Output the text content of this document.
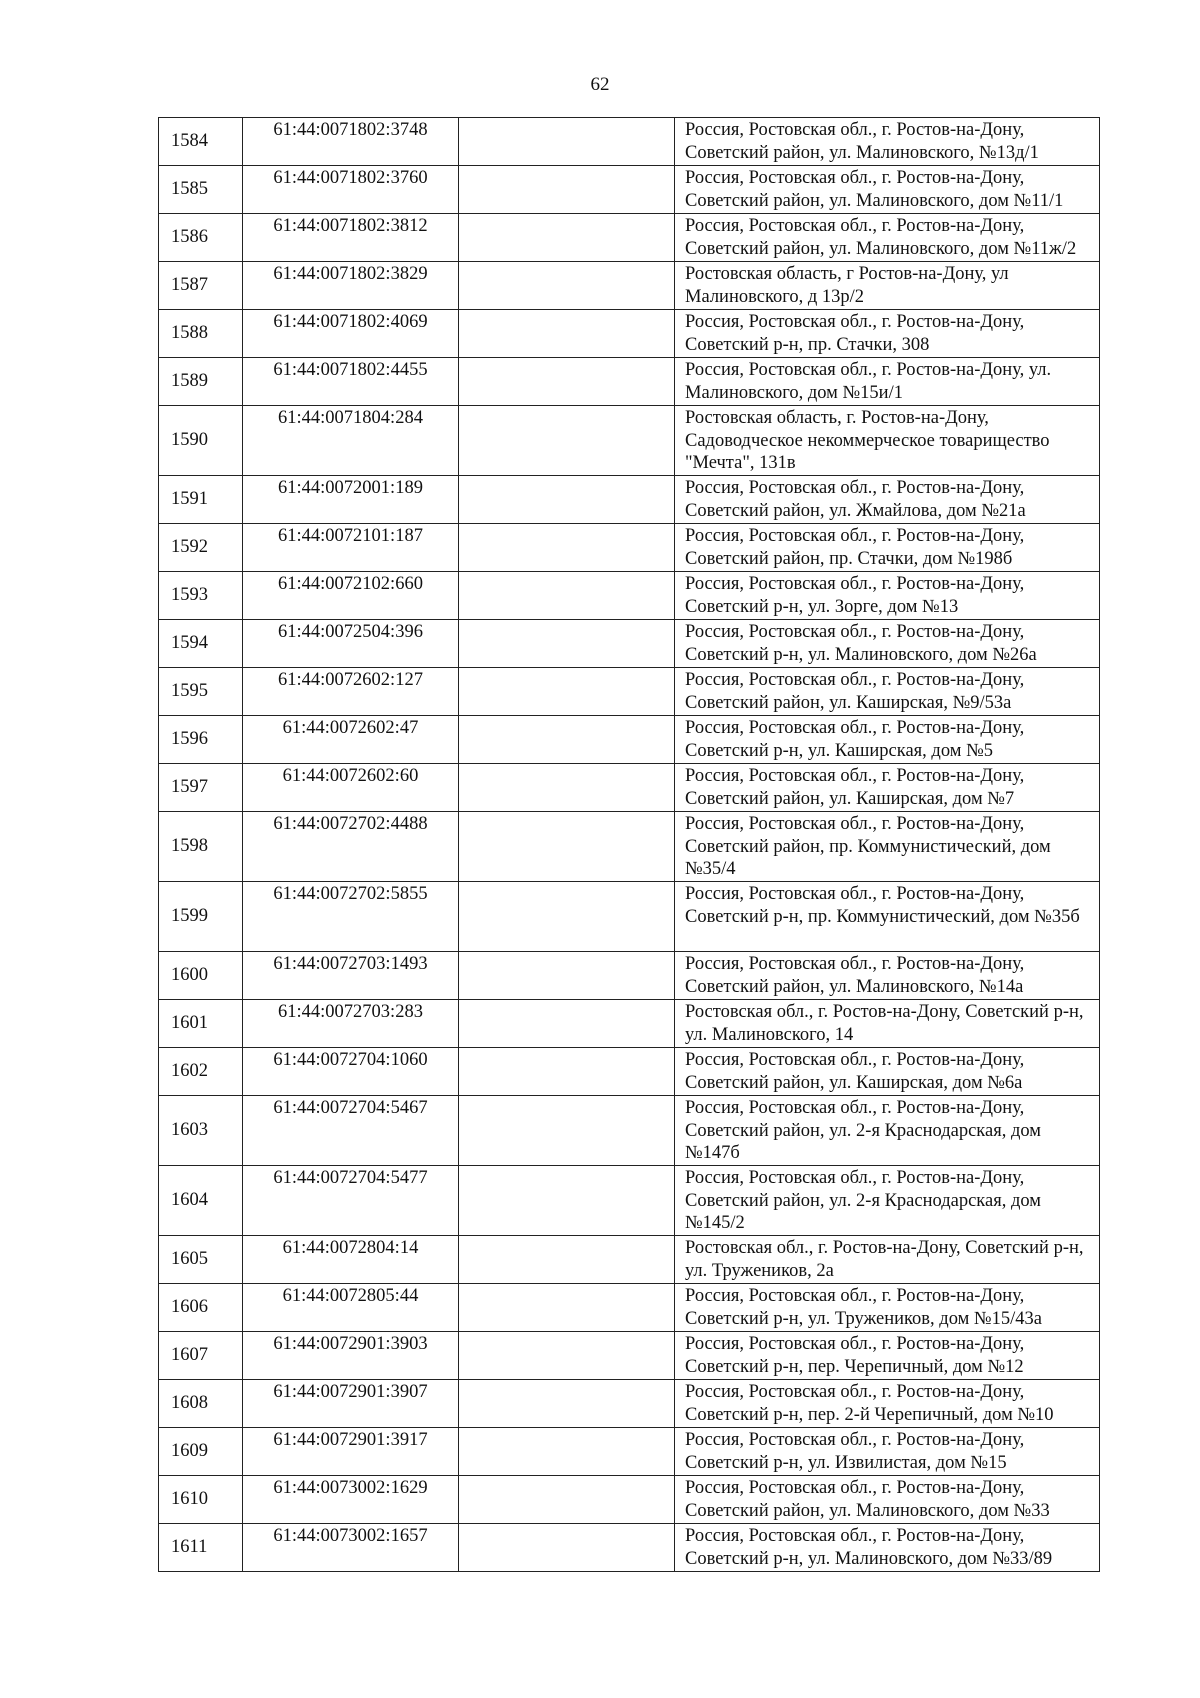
62
1584	61:44:0071802:3748		Россия, Ростовская обл., г. Ростов-на-Дону, Советский район, ул. Малиновского, №13д/1

1585	61:44:0071802:3760		Россия, Ростовская обл., г. Ростов-на-Дону, Советский район, ул. Малиновского, дом №11/1

1586	61:44:0071802:3812		Россия, Ростовская обл., г. Ростов-на-Дону, Советский район, ул. Малиновского, дом №11ж/2

1587	61:44:0071802:3829		Ростовская область, г Ростов-на-Дону, ул Малиновского, д 13р/2

1588	61:44:0071802:4069		Россия, Ростовская обл., г. Ростов-на-Дону, Советский р-н, пр. Стачки, 308

1589	61:44:0071802:4455		Россия, Ростовская обл., г. Ростов-на-Дону, ул. Малиновского, дом №15и/1

1590	61:44:0071804:284		Ростовская область, г. Ростов-на-Дону, Садоводческое некоммерческое товарищество "Мечта", 131в

1591	61:44:0072001:189		Россия, Ростовская обл., г. Ростов-на-Дону, Советский район, ул. Жмайлова, дом №21а

1592	61:44:0072101:187		Россия, Ростовская обл., г. Ростов-на-Дону, Советский район, пр. Стачки, дом №198б

1593	61:44:0072102:660		Россия, Ростовская обл., г. Ростов-на-Дону, Советский р-н, ул. Зорге, дом №13

1594	61:44:0072504:396		Россия, Ростовская обл., г. Ростов-на-Дону, Советский р-н, ул. Малиновского, дом №26а

1595	61:44:0072602:127		Россия, Ростовская обл., г. Ростов-на-Дону, Советский район, ул. Каширская, №9/53а

1596	61:44:0072602:47		Россия, Ростовская обл., г. Ростов-на-Дону, Советский р-н, ул. Каширская, дом №5

1597	61:44:0072602:60		Россия, Ростовская обл., г. Ростов-на-Дону, Советский район, ул. Каширская, дом №7

1598	61:44:0072702:4488		Россия, Ростовская обл., г. Ростов-на-Дону, Советский район, пр. Коммунистический, дом №35/4

1599	61:44:0072702:5855		Россия, Ростовская обл., г. Ростов-на-Дону, Советский р-н, пр. Коммунистический, дом №35б

1600	61:44:0072703:1493		Россия, Ростовская обл., г. Ростов-на-Дону, Советский район, ул. Малиновского, №14а

1601	61:44:0072703:283		Ростовская обл., г. Ростов-на-Дону, Советский р-н, ул. Малиновского, 14

1602	61:44:0072704:1060		Россия, Ростовская обл., г. Ростов-на-Дону, Советский район, ул. Каширская, дом №6а

1603	61:44:0072704:5467		Россия, Ростовская обл., г. Ростов-на-Дону, Советский район, ул. 2-я Краснодарская, дом №147б

1604	61:44:0072704:5477		Россия, Ростовская обл., г. Ростов-на-Дону, Советский район, ул. 2-я Краснодарская, дом №145/2

1605	61:44:0072804:14		Ростовская обл., г. Ростов-на-Дону, Советский р-н, ул. Тружеников, 2а

1606	61:44:0072805:44		Россия, Ростовская обл., г. Ростов-на-Дону, Советский р-н, ул. Тружеников, дом №15/43а

1607	61:44:0072901:3903		Россия, Ростовская обл., г. Ростов-на-Дону, Советский р-н, пер. Черепичный, дом №12

1608	61:44:0072901:3907		Россия, Ростовская обл., г. Ростов-на-Дону, Советский р-н, пер. 2-й Черепичный, дом №10

1609	61:44:0072901:3917		Россия, Ростовская обл., г. Ростов-на-Дону, Советский р-н, ул. Извилистая, дом №15

1610	61:44:0073002:1629		Россия, Ростовская обл., г. Ростов-на-Дону, Советский район, ул. Малиновского, дом №33

1611	61:44:0073002:1657		Россия, Ростовская обл., г. Ростов-на-Дону, Советский р-н, ул. Малиновского, дом №33/89
